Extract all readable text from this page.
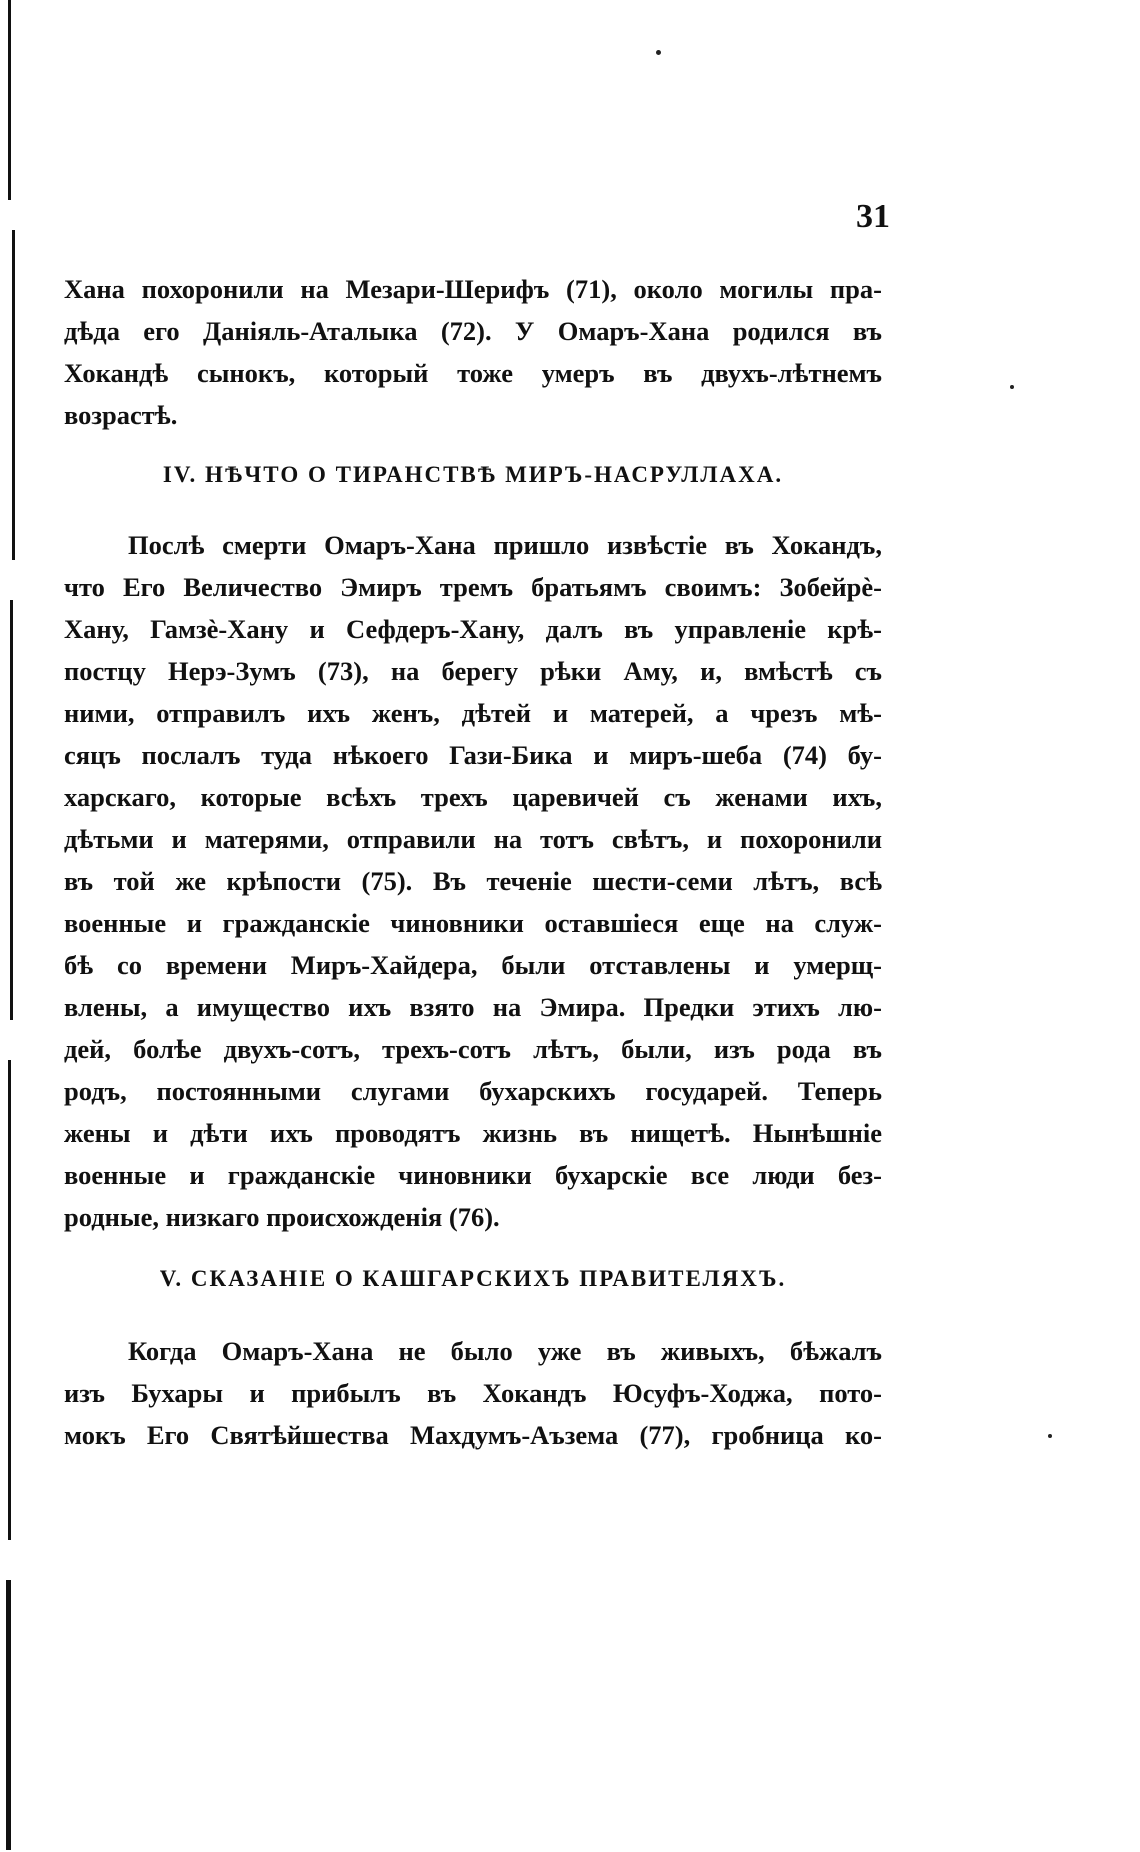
31
Хана похоронили на Мезари-Шерифъ (71), около могилы пра-
дѣда его Даніяль-Аталыка (72). У Омаръ-Хана родился въ
Хокандѣ сынокъ, который тоже умеръ въ двухъ-лѣтнемъ
возрастѣ.
IV. НѢЧТО О ТИРАНСТВѢ МИРЪ-НАСРУЛЛАХА.
Послѣ смерти Омаръ-Хана пришло извѣстіе въ Хокандъ,
что Его Величество Эмиръ тремъ братьямъ своимъ: Зобейрè-
Хану, Гамзè-Хану и Сефдеръ-Хану, далъ въ управленіе крѣ-
постцу Нерэ-Зумъ (73), на берегу рѣки Аму, и, вмѣстѣ съ
ними, отправилъ ихъ женъ, дѣтей и матерей, а чрезъ мѣ-
сяцъ послалъ туда нѣкоего Гази-Бика и миръ-шеба (74) бу-
харскаго, которые всѣхъ трехъ царевичей съ женами ихъ,
дѣтьми и матерями, отправили на тотъ свѣтъ, и похоронили
въ той же крѣпости (75). Въ теченіе шести-семи лѣтъ, всѣ
военные и гражданскіе чиновники оставшіеся еще на служ-
бѣ со времени Миръ-Хайдера, были отставлены и умерщ-
влены, а имущество ихъ взято на Эмира. Предки этихъ лю-
дей, болѣе двухъ-сотъ, трехъ-сотъ лѣтъ, были, изъ рода въ
родъ, постоянными слугами бухарскихъ государей. Теперь
жены и дѣти ихъ проводятъ жизнь въ нищетѣ. Нынѣшніе
военные и гражданскіе чиновники бухарскіе все люди без-
родные, низкаго происхожденія (76).
V. СКАЗАНІЕ О КАШГАРСКИХЪ ПРАВИТЕЛЯХЪ.
Когда Омаръ-Хана не было уже въ живыхъ, бѣжалъ
изъ Бухары и прибылъ въ Хокандъ Юсуфъ-Ходжа, пото-
мокъ Его Святѣйшества Махдумъ-Аъзема (77), гробница ко-
